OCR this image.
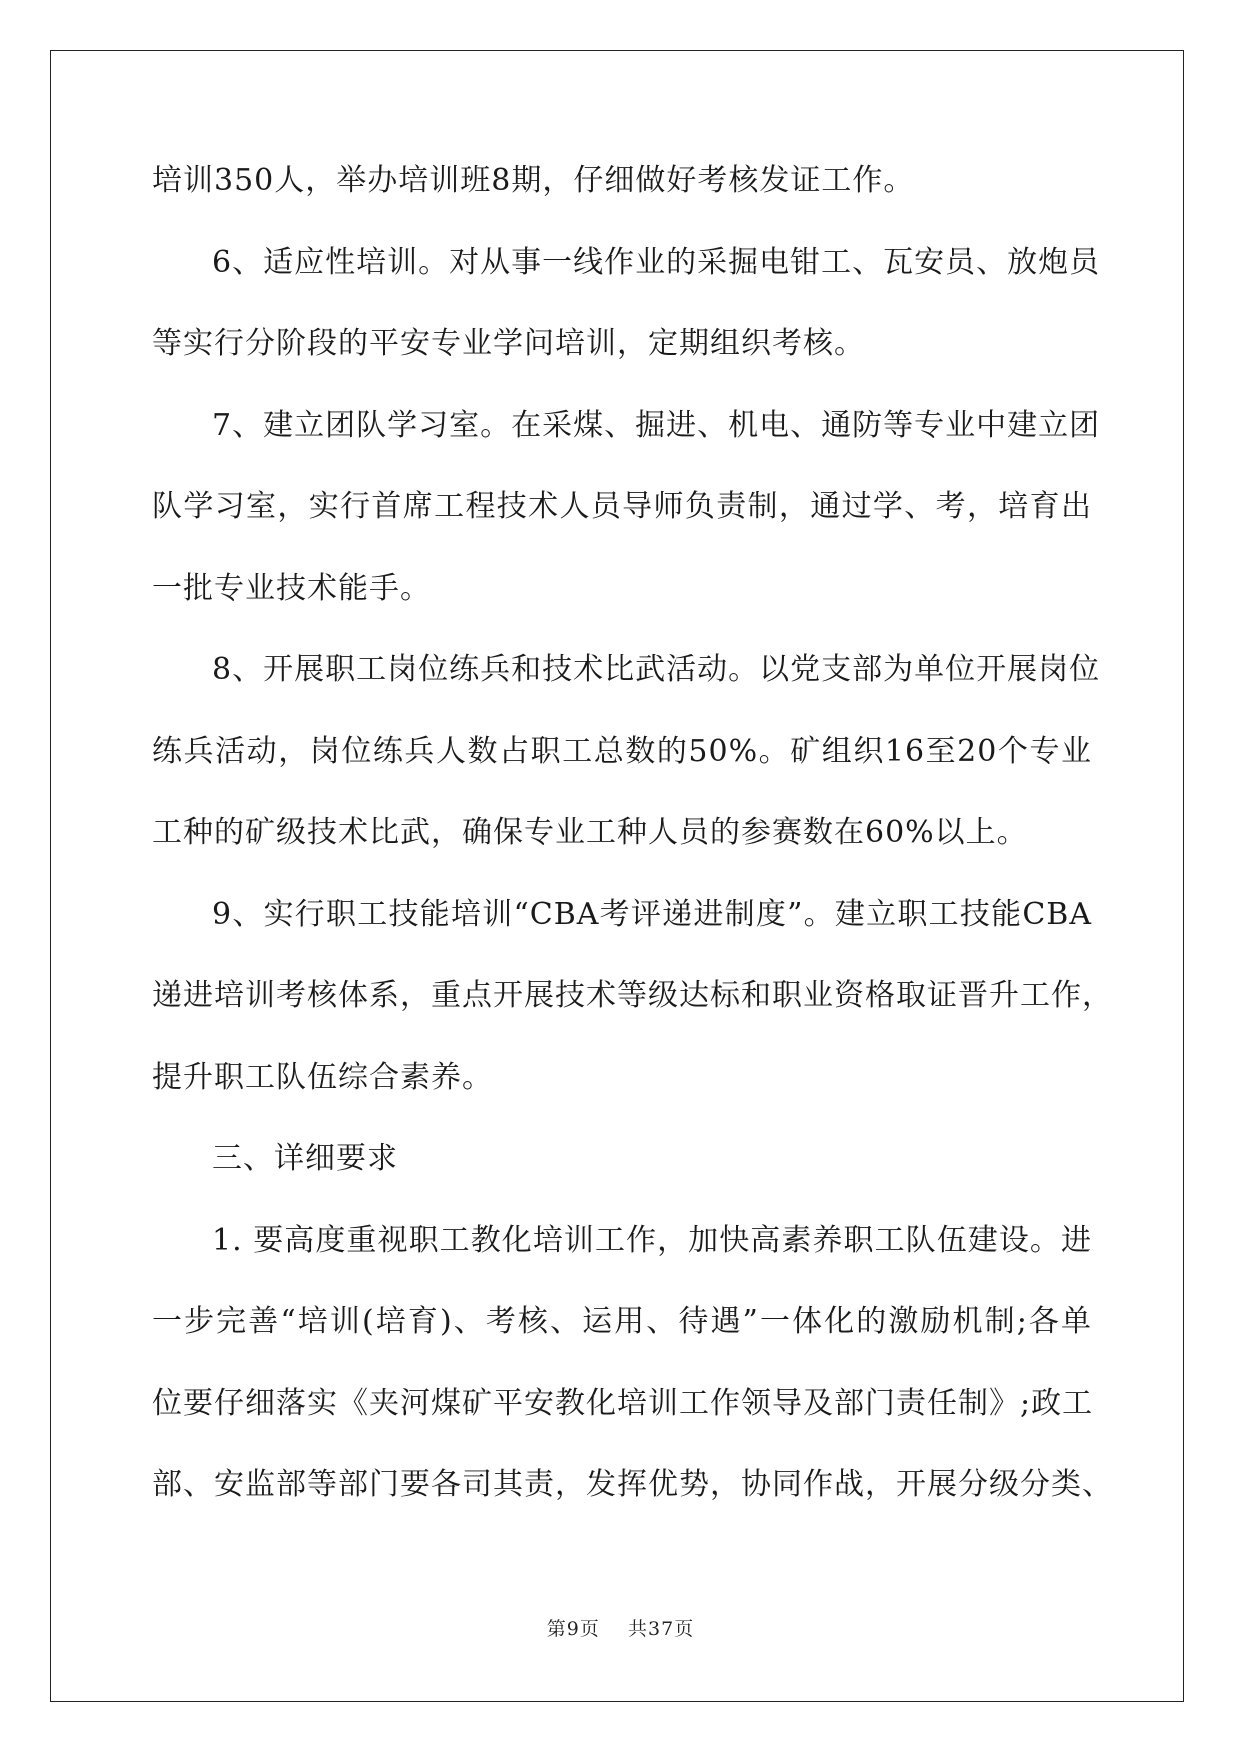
培训350人，举办培训班8期，仔细做好考核发证工作。
6、适应性培训。对从事一线作业的采掘电钳工、瓦安员、放炮员
等实行分阶段的平安专业学问培训，定期组织考核。
7、建立团队学习室。在采煤、掘进、机电、通防等专业中建立团
队学习室，实行首席工程技术人员导师负责制，通过学、考，培育出
一批专业技术能手。
8、开展职工岗位练兵和技术比武活动。以党支部为单位开展岗位
练兵活动，岗位练兵人数占职工总数的50%。矿组织16至20个专业
工种的矿级技术比武，确保专业工种人员的参赛数在60%以上。
9、实行职工技能培训“CBA考评递进制度”。建立职工技能CBA
递进培训考核体系，重点开展技术等级达标和职业资格取证晋升工作，
提升职工队伍综合素养。
三、详细要求
1. 要高度重视职工教化培训工作，加快高素养职工队伍建设。进
一步完善“培训(培育)、考核、运用、待遇”一体化的激励机制;各单
位要仔细落实《夹河煤矿平安教化培训工作领导及部门责任制》;政工
部、安监部等部门要各司其责，发挥优势，协同作战，开展分级分类、
第9页 共37页
